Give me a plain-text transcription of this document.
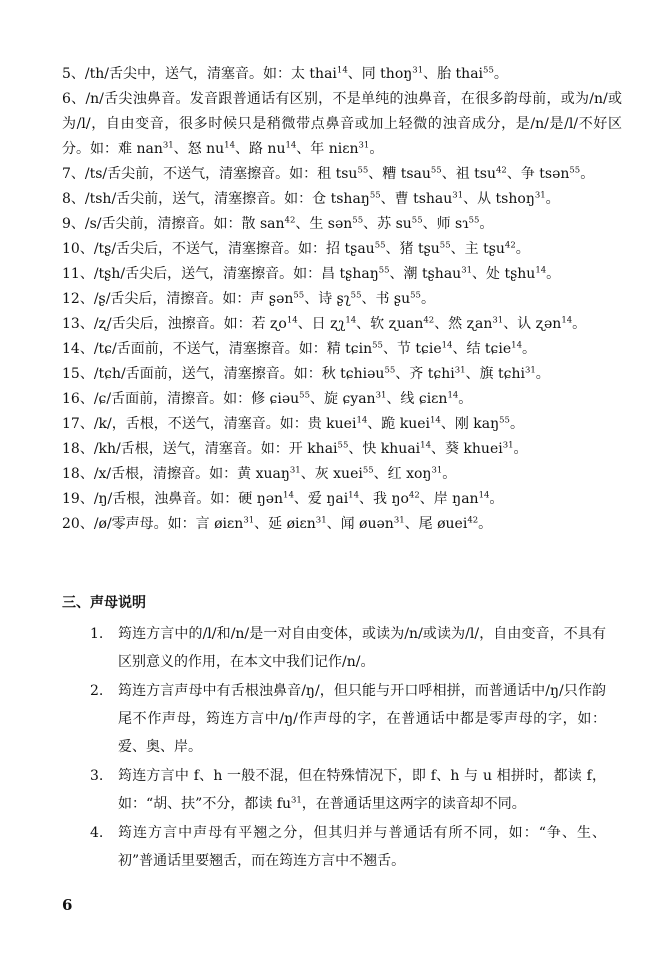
5、/th/舌尖中，送气，清塞音。如：太 thai$^{14}$、同 thoŋ$^{31}$、胎 thai$^{55}$。

6、/n/舌尖浊鼻音。发音跟普通话有区别，不是单纯的浊鼻音，在很多韵母前，或为/n/或为/l/，自由变音，很多时候只是稍微带点鼻音或加上轻微的浊音成分，是/n/是/l/不好区分。如：难 nan$^{31}$、怒 $nu^{14}$、路 $nu^{14}$、年 niɛn$^{31}$。

7、/ts/舌尖前，不送气，清塞擦音。如：租 tsu$^{55}$、糟 tsau$^{55}$、祖 tsu$^{42}$、争 tsən$^{55}$。

8、/tsh/舌尖前，送气，清塞擦音。如：仓 tshaŋ$^{55}$、曹 tshau$^{31}$、从 tshoŋ$^{31}$。

9、/s/舌尖前，清擦音。如：散 san$^{42}$、生 sən$^{55}$、苏 $su^{55}$、师 sɿ$^{55}$。

10、/tʂ/舌尖后，不送气，清塞擦音。如：招 tʂau$^{55}$、猪 tʂu$^{55}$、主 tʂu$^{42}$。

11、/tʂh/舌尖后，送气，清塞擦音。如：昌 tʂhaŋ$^{55}$、潮 tʂhau$^{31}$、处 tʂhu$^{14}$。

12、/ʂ/舌尖后，清擦音。如：声 ʂən$^{55}$、诗 ʂʅ$^{55}$、书 ʂu$^{55}$。

13、/ʐ/舌尖后，浊擦音。如：若 ʐo$^{14}$、日 ʐʅ$^{14}$、软 ʐuan$^{42}$、然 ʐan$^{31}$、认 ʐən$^{14}$。

14、/tɕ/舌面前，不送气，清塞擦音。如：精 tɕin$^{55}$、节 tɕie$^{14}$、结 tɕie$^{14}$。

15、/tɕh/舌面前，送气，清塞擦音。如：秋 tɕhiəu$^{55}$、齐 tɕhi$^{31}$、旗 tɕhi$^{31}$。

16、/ɕ/舌面前，清擦音。如：修 ɕiəu$^{55}$、旋 ɕyan$^{31}$、线 ɕiɛn$^{14}$。

17、/k/，舌根，不送气，清塞音。如：贵 kuei$^{14}$、跪 kuei$^{14}$、刚 kaŋ$^{55}$。

18、/kh/舌根，送气，清塞音。如：开 khai$^{55}$、快 khuai$^{14}$、葵 khuei$^{31}$。

18、/x/舌根，清擦音。如：黄 xuaŋ$^{31}$、灰 xuei$^{55}$、红 xoŋ$^{31}$。

19、/ŋ/舌根，浊鼻音。如：硬 ŋən$^{14}$、爱 ŋai$^{14}$、我 $ŋo^{42}$、岸 ŋan$^{14}$。

20、/ø/零声母。如：言 øiɛn$^{31}$、延 øiɛn$^{31}$、闻 øuən$^{31}$、尾 øuei$^{42}$。

三、声母说明
1. 筠连方言中的/l/和/n/是一对自由变体，或读为/n/或读为/l/，自由变音，不具有区别意义的作用，在本文中我们记作/n/。
2. 筠连方言声母中有舌根浊鼻音/ŋ/，但只能与开口呼相拼，而普通话中/ŋ/只作韵尾不作声母，筠连方言中/ŋ/作声母的字，在普通话中都是零声母的字，如：爱、奥、岸。
3. 筠连方言中 f、h 一般不混，但在特殊情况下，即 f、h 与 u 相拼时，都读 f，如：“胡、扶”不分，都读 $fu^{31}$，在普通话里这两字的读音却不同。
4. 筠连方言中声母有平翘之分，但其归并与普通话有所不同，如：“争、生、初”普通话里要翘舌，而在筠连方言中不翘舌。
6
